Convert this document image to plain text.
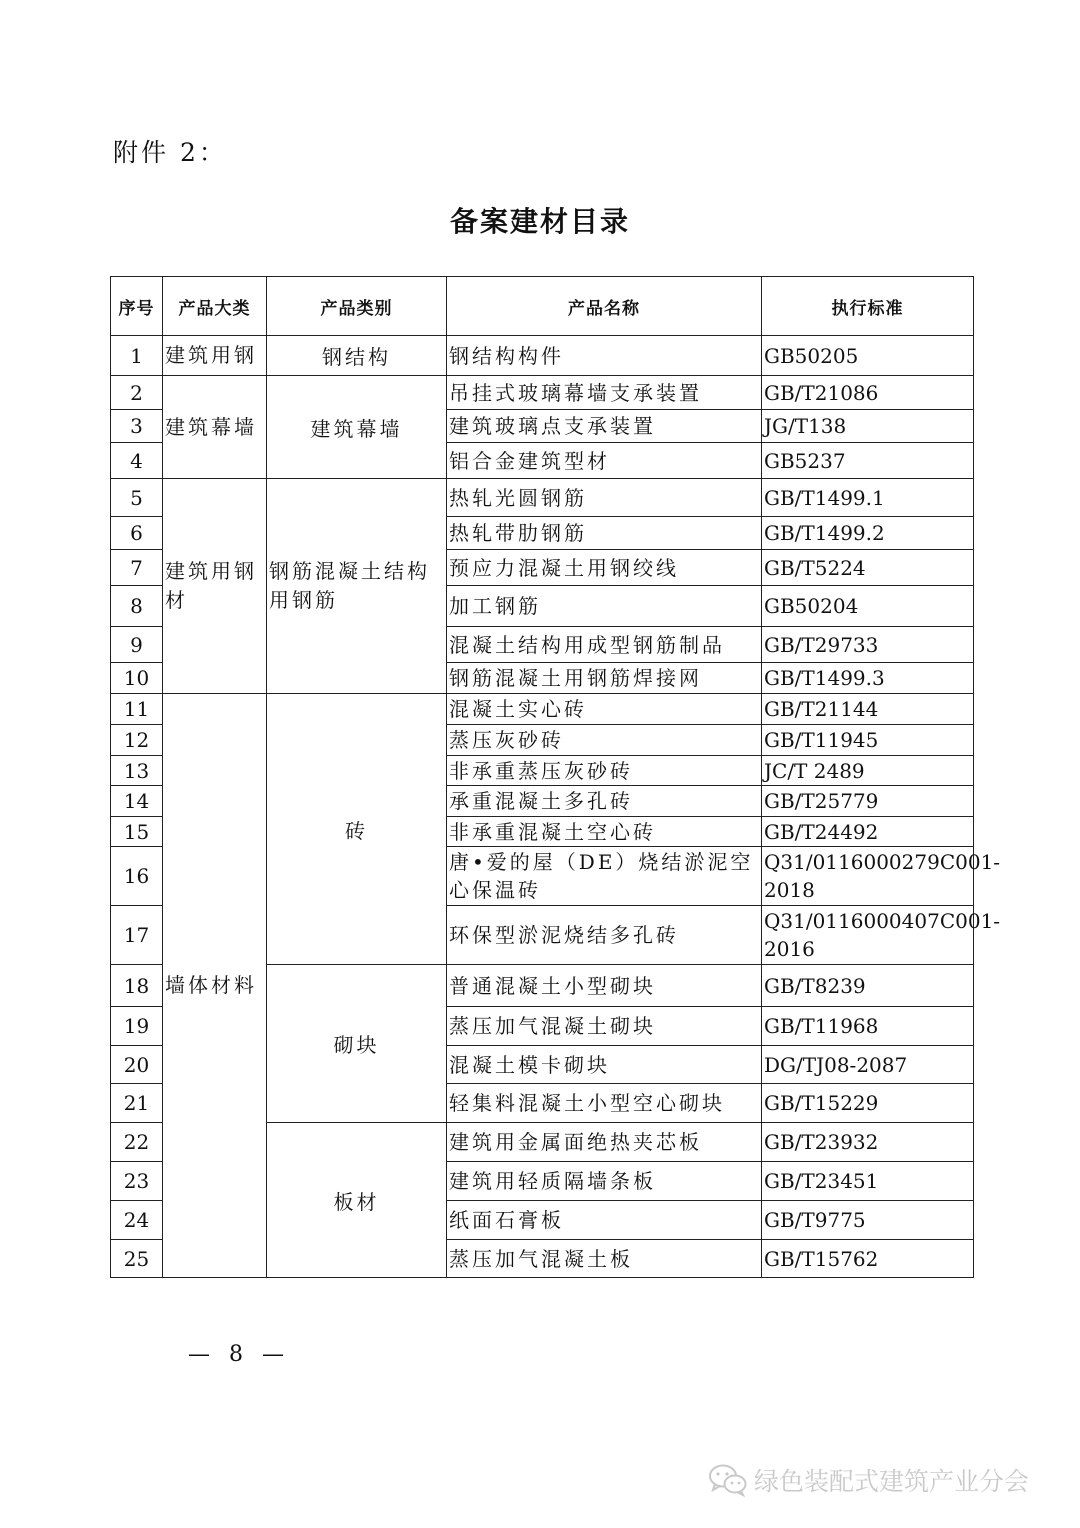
附件 2：
备案建材目录
序号	产品大类	产品类别	产品名称	执行标准
1	建筑用钢	钢结构	钢结构构件	GB50205
2	建筑幕墙	建筑幕墙	吊挂式玻璃幕墙支承装置	GB/T21086
3			建筑玻璃点支承装置	JG/T138
4			铝合金建筑型材	GB5237
5	建筑用钢材	钢筋混凝土结构用钢筋	热轧光圆钢筋	GB/T1499.1
6			热轧带肋钢筋	GB/T1499.2
7			预应力混凝土用钢绞线	GB/T5224
8			加工钢筋	GB50204
9			混凝土结构用成型钢筋制品	GB/T29733
10			钢筋混凝土用钢筋焊接网	GB/T1499.3
11	墙体材料	砖	混凝土实心砖	GB/T21144
12			蒸压灰砂砖	GB/T11945
13			非承重蒸压灰砂砖	JC/T 2489
14			承重混凝土多孔砖	GB/T25779
15			非承重混凝土空心砖	GB/T24492
16			唐•爱的屋（DE）烧结淤泥空心保温砖	Q31/0116000279C001-2018
17			环保型淤泥烧结多孔砖	Q31/0116000407C001-2016
18		砌块	普通混凝土小型砌块	GB/T8239
19			蒸压加气混凝土砌块	GB/T11968
20			混凝土模卡砌块	DG/TJ08-2087
21			轻集料混凝土小型空心砌块	GB/T15229
22		板材	建筑用金属面绝热夹芯板	GB/T23932
23			建筑用轻质隔墙条板	GB/T23451
24			纸面石膏板	GB/T9775
25			蒸压加气混凝土板	GB/T15762
— 8 —
绿色装配式建筑产业分会
